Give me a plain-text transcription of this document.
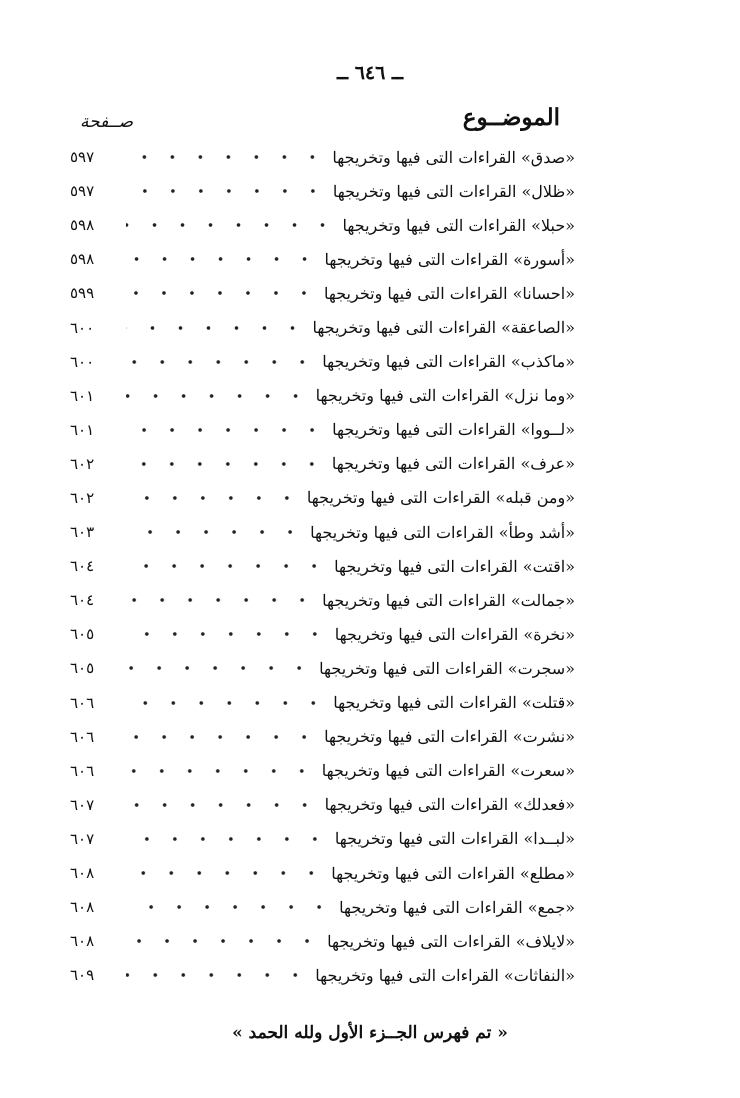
ــ ٦٤٦ ــ
صــفحة	الموضــوع
«صدق» القراءات التى فيها وتخريجها
٥٩٧
«ظلال» القراءات التى فيها وتخريجها
٥٩٧
«حبلا» القراءات التى فيها وتخريجها
٥٩٨
«أسورة» القراءات التى فيها وتخريجها
٥٩٨
«احسانا» القراءات التى فيها وتخريجها
٥٩٩
«الصاعقة» القراءات التى فيها وتخريجها
٦٠٠
«ماكذب» القراءات التى فيها وتخريجها
٦٠٠
«وما نزل» القراءات التى فيها وتخريجها
٦٠١
«لــووا» القراءات التى فيها وتخريجها
٦٠١
«عرف» القراءات التى فيها وتخريجها
٦٠٢
«ومن قبله» القراءات التى فيها وتخريجها
٦٠٢
«أشد وطأ» القراءات التى فيها وتخريجها
٦٠٣
«اقتت» القراءات التى فيها وتخريجها
٦٠٤
«جمالت» القراءات التى فيها وتخريجها
٦٠٤
«نخرة» القراءات التى فيها وتخريجها
٦٠٥
«سجرت» القراءات التى فيها وتخريجها
٦٠٥
«قتلت» القراءات التى فيها وتخريجها
٦٠٦
«نشرت» القراءات التى فيها وتخريجها
٦٠٦
«سعرت» القراءات التى فيها وتخريجها
٦٠٦
«فعدلك» القراءات التى فيها وتخريجها
٦٠٧
«لبــدا» القراءات التى فيها وتخريجها
٦٠٧
«مطلع» القراءات التى فيها وتخريجها
٦٠٨
«جمع» القراءات التى فيها وتخريجها
٦٠٨
«لايلاف» القراءات التى فيها وتخريجها
٦٠٨
«النفاثات» القراءات التى فيها وتخريجها
٦٠٩
« تم فهرس الجــزء الأول ولله الحمد »
